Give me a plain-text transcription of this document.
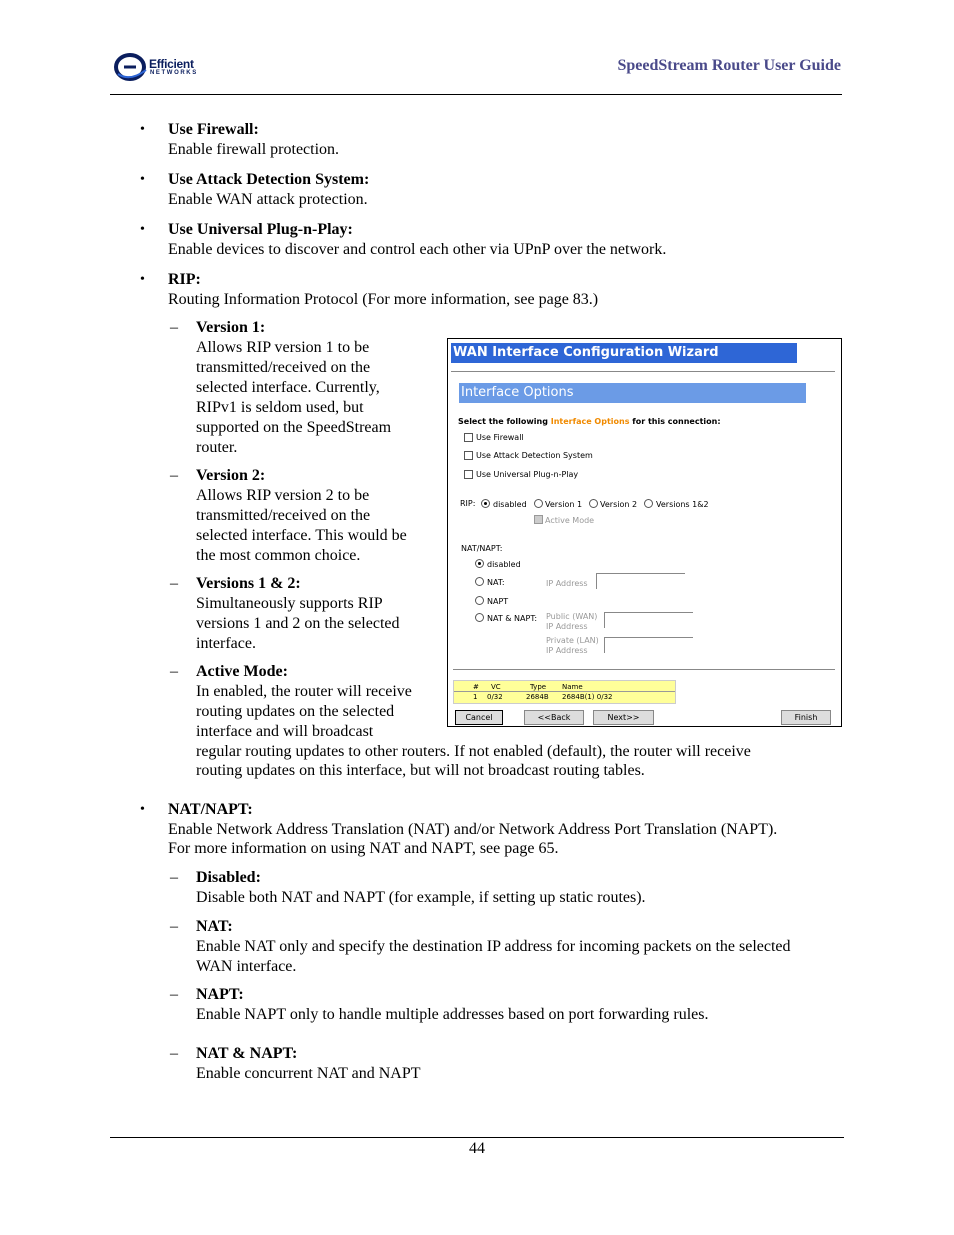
Efficient
NETWORKS	SpeedStream Router User Guide
• Use Firewall:
Enable firewall protection.
• Use Attack Detection System:
Enable WAN attack protection.
• Use Universal Plug-n-Play:
Enable devices to discover and control each other via UPnP over the network.
• RIP:
Routing Information Protocol (For more information, see page 83.)
– Version 1:
Allows RIP version 1 to be
transmitted/received on the
selected interface. Currently,
RIPv1 is seldom used, but
supported on the SpeedStream
router.
– Version 2:
Allows RIP version 2 to be
transmitted/received on the
selected interface. This would be
the most common choice.
– Versions 1 & 2:
Simultaneously supports RIP
versions 1 and 2 on the selected
interface.
– Active Mode:
In enabled, the router will receive
routing updates on the selected
interface and will broadcast
regular routing updates to other routers. If not enabled (default), the router will receive
routing updates on this interface, but will not broadcast routing tables.
• NAT/NAPT:
Enable Network Address Translation (NAT) and/or Network Address Port Translation (NAPT).
For more information on using NAT and NAPT, see page 65.
– Disabled:
Disable both NAT and NAPT (for example, if setting up static routes).
– NAT:
Enable NAT only and specify the destination IP address for incoming packets on the selected
WAN interface.
– NAPT:
Enable NAPT only to handle multiple addresses based on port forwarding rules.
– NAT & NAPT:
Enable concurrent NAT and NAPT
WAN Interface Configuration Wizard
Interface Options
Select the following Interface Options for this connection:
Use Firewall
Use Attack Detection System
Use Universal Plug-n-Play
RIP: disabled Version 1 Version 2 Versions 1&2
Active Mode
NAT/NAPT:
disabled
NAT:	IP Address
NAPT
NAT & NAPT: Public (WAN)
IP Address
Private (LAN)
IP Address
# VC	Type Name
1 0/32	2684B 2684B(1) 0/32
Cancel	<<Back	Next>>	Finish
44
